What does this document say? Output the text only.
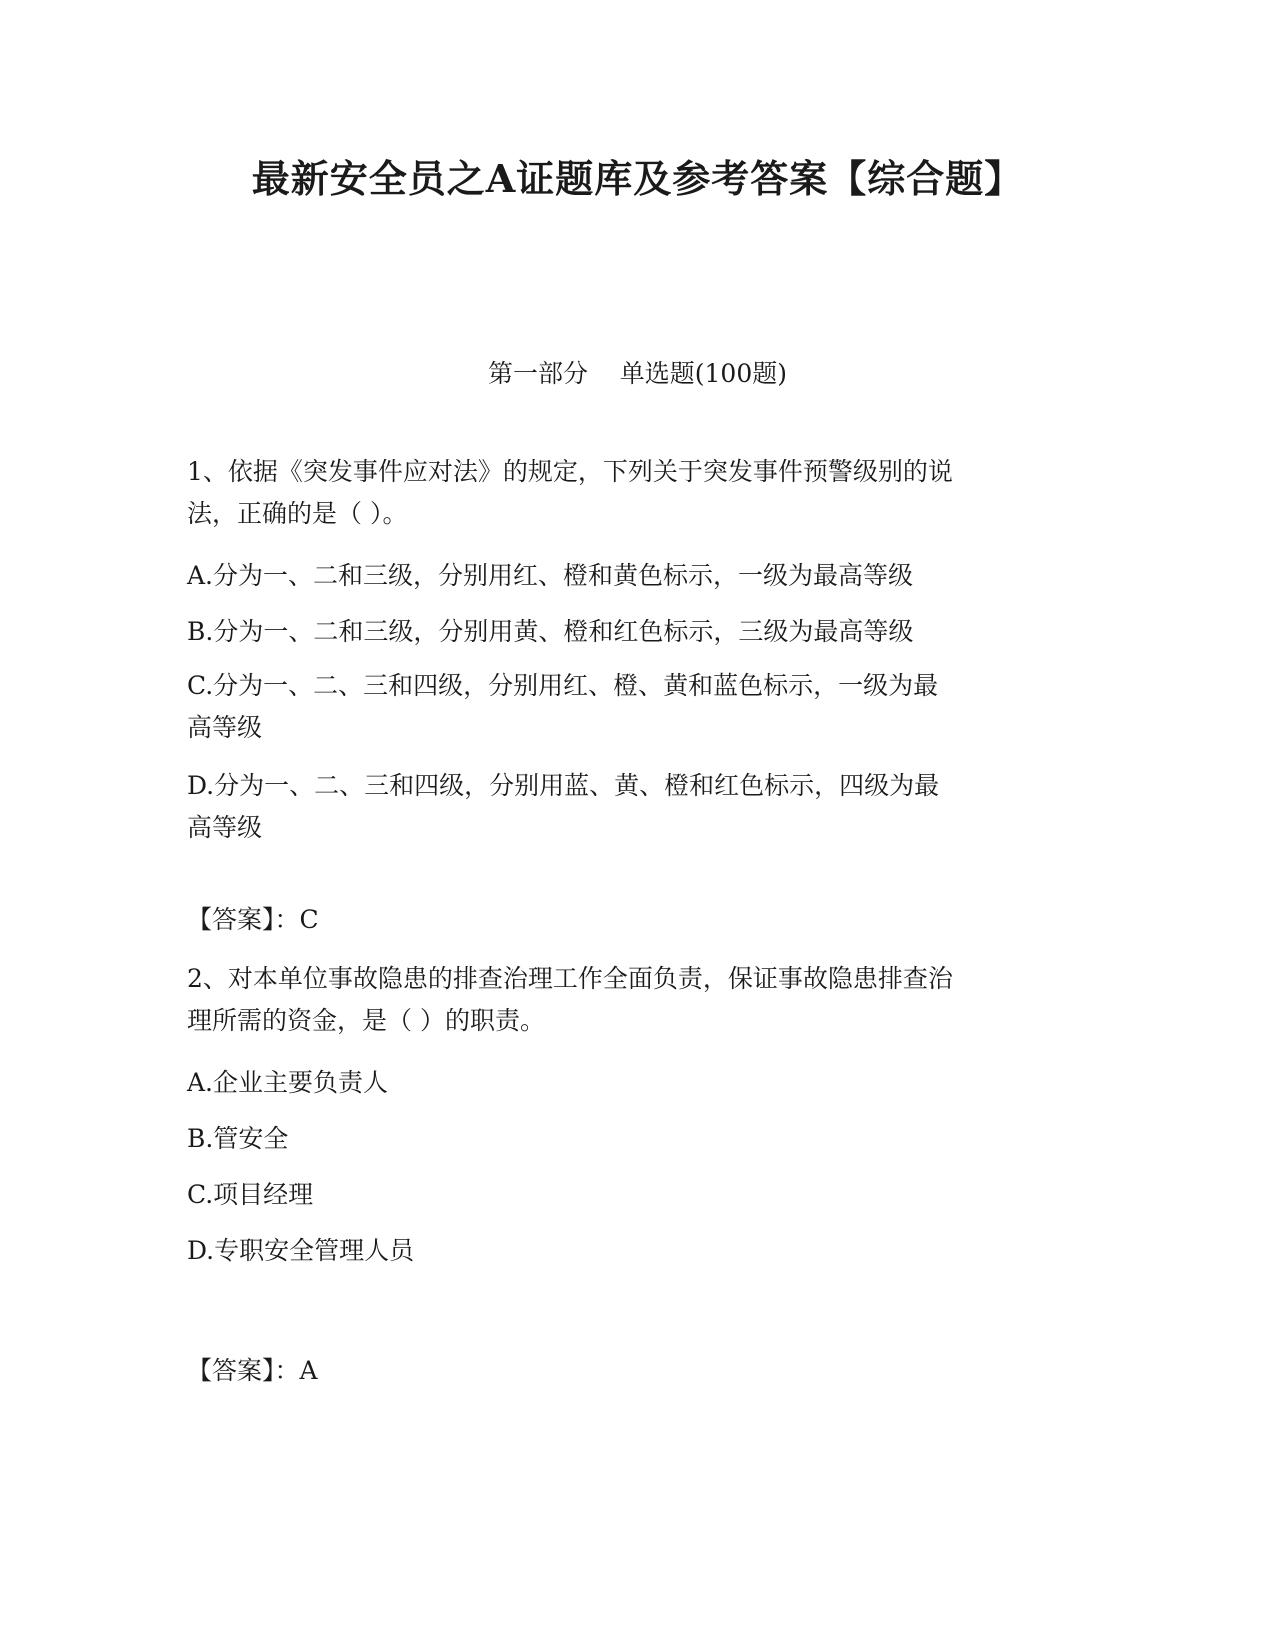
最新安全员之A证题库及参考答案【综合题】
第一部分    单选题(100题)

1、依据《突发事件应对法》的规定，下列关于突发事件预警级别的说

法，正确的是（ ）。

A.分为一、二和三级，分别用红、橙和黄色标示，一级为最高等级

B.分为一、二和三级，分别用黄、橙和红色标示，三级为最高等级

C.分为一、二、三和四级，分别用红、橙、黄和蓝色标示，一级为最

高等级

D.分为一、二、三和四级，分别用蓝、黄、橙和红色标示，四级为最

高等级

【答案】：C

2、对本单位事故隐患的排查治理工作全面负责，保证事故隐患排查治

理所需的资金，是（ ）的职责。

A.企业主要负责人

B.管安全

C.项目经理

D.专职安全管理人员

【答案】：A
